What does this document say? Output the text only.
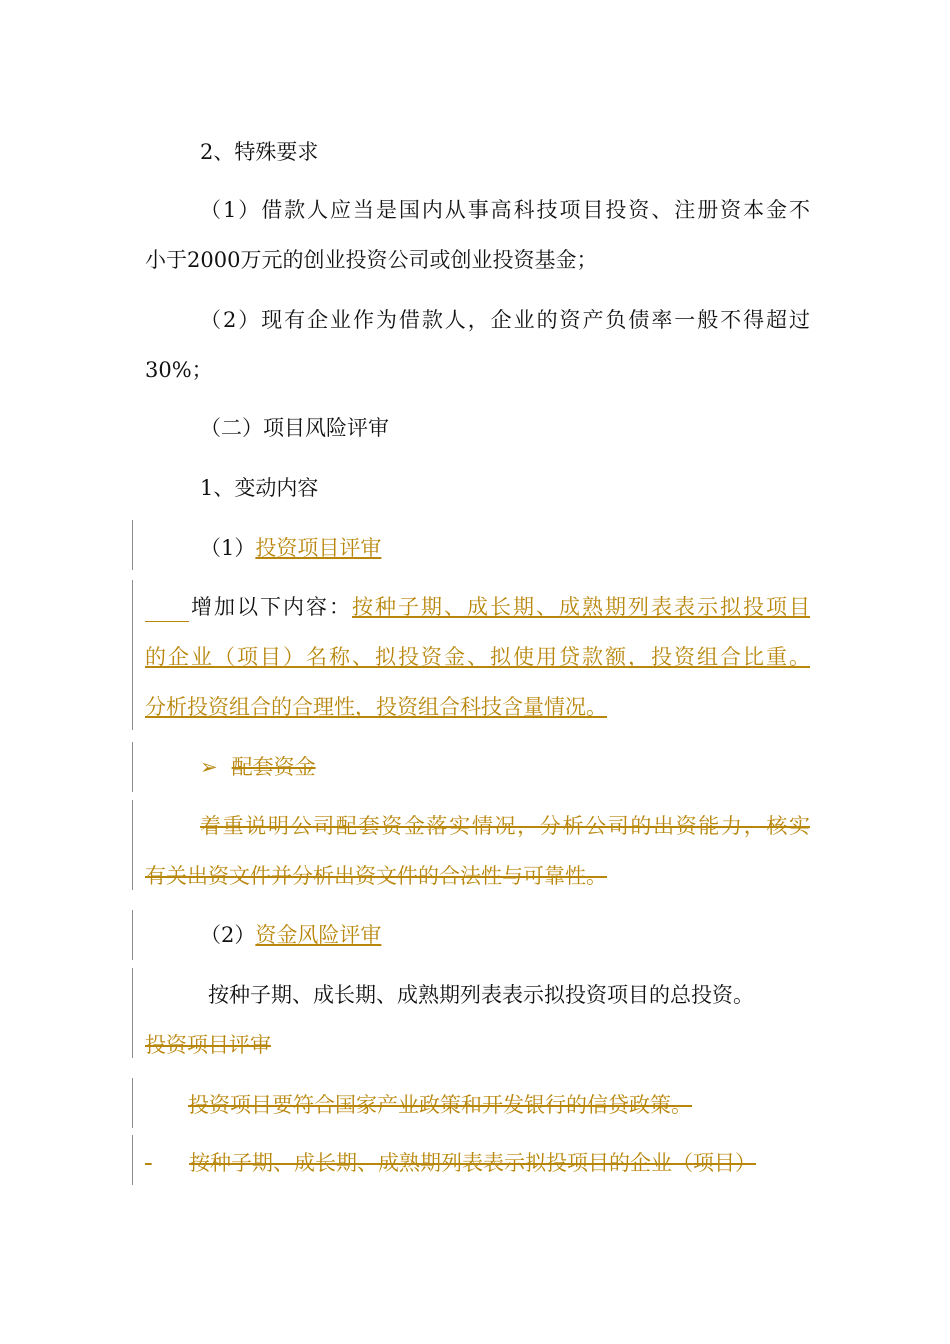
2、特殊要求
（1）借款人应当是国内从事高科技项目投资、注册资本金不
小于2000万元的创业投资公司或创业投资基金；
（2）现有企业作为借款人，企业的资产负债率一般不得超过
30%；
（二）项目风险评审
1、变动内容
（1）投资项目评审
增加以下内容：按种子期、成长期、成熟期列表表示拟投项目
的企业（项目）名称、拟投资金、拟使用贷款额，投资组合比重。
分析投资组合的合理性，投资组合科技含量情况。
➢ 配套资金
着重说明公司配套资金落实情况，分析公司的出资能力，核实
有关出资文件并分析出资文件的合法性与可靠性。
（2）资金风险评审
按种子期、成长期、成熟期列表表示拟投资项目的总投资。
投资项目评审
投资项目要符合国家产业政策和开发银行的信贷政策。
按种子期、成长期、成熟期列表表示拟投项目的企业（项目）
